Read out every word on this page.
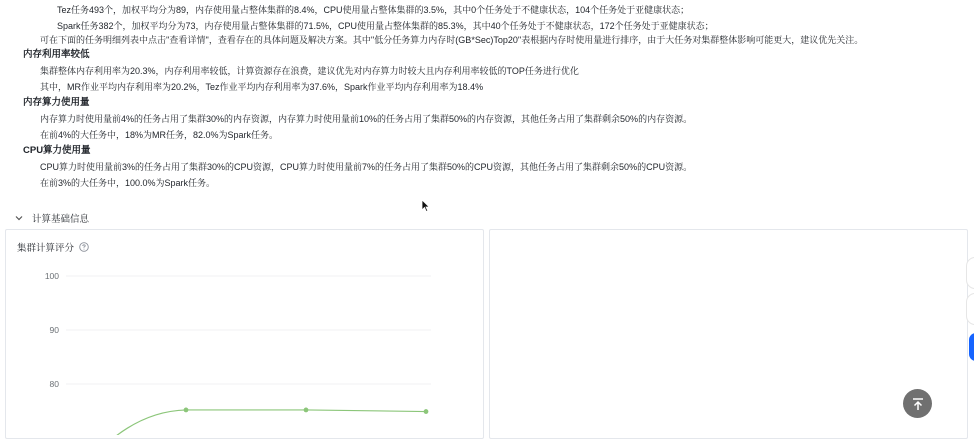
Tez任务493个，加权平均分为89，内存使用量占整体集群的8.4%，CPU使用量占整体集群的3.5%，其中0个任务处于不健康状态，104个任务处于亚健康状态；
Spark任务382个，加权平均分为73，内存使用量占整体集群的71.5%，CPU使用量占整体集群的85.3%，其中40个任务处于不健康状态，172个任务处于亚健康状态；
可在下面的任务明细列表中点击''查看详情''，查看存在的具体问题及解决方案。其中''低分任务算力内存时(GB*Sec)Top20''表根据内存时使用量进行排序，由于大任务对集群整体影响可能更大，建议优先关注。
内存利用率较低
集群整体内存利用率为20.3%，内存利用率较低，计算资源存在浪费，建议优先对内存算力时较大且内存利用率较低的TOP任务进行优化
其中，MR作业平均内存利用率为20.2%，Tez作业平均内存利用率为37.6%，Spark作业平均内存利用率为18.4%
内存算力使用量
内存算力时使用量前4%的任务占用了集群30%的内存资源，内存算力时使用量前10%的任务占用了集群50%的内存资源，其他任务占用了集群剩余50%的内存资源。
在前4%的大任务中，18%为MR任务，82.0%为Spark任务。
CPU算力使用量
CPU算力时使用量前3%的任务占用了集群30%的CPU资源，CPU算力时使用量前7%的任务占用了集群50%的CPU资源，其他任务占用了集群剩余50%的CPU资源。
在前3%的大任务中，100.0%为Spark任务。
计算基础信息
集群计算评分
100
90
80
